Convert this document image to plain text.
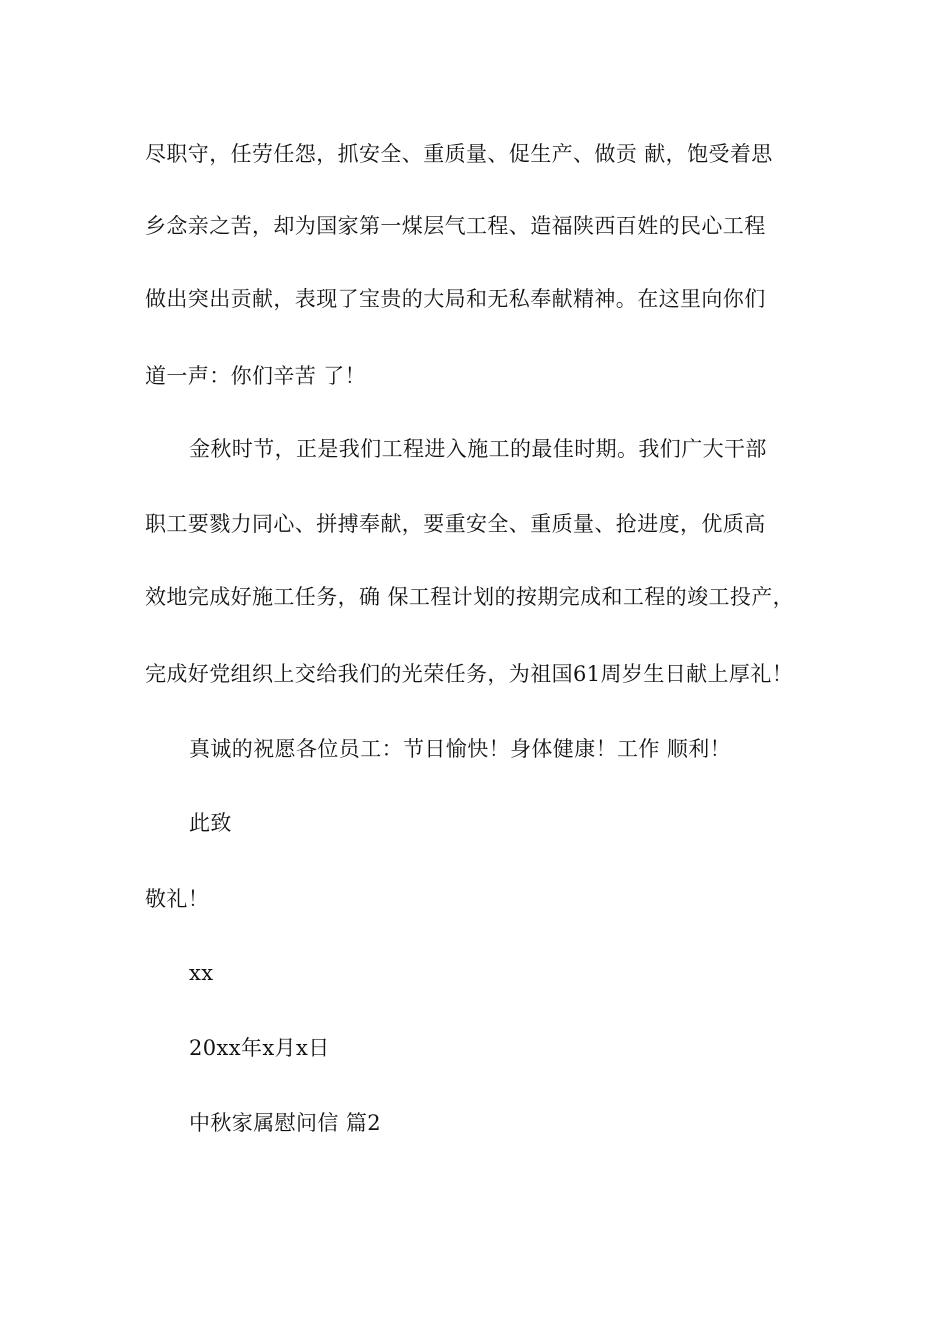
尽职守，任劳任怨，抓安全、重质量、促生产、做贡 献，饱受着思

乡念亲之苦，却为国家第一煤层气工程、造福陕西百姓的民心工程

做出突出贡献，表现了宝贵的大局和无私奉献精神。在这里向你们

道一声：你们辛苦 了！

金秋时节，正是我们工程进入施工的最佳时期。我们广大干部

职工要戮力同心、拼搏奉献，要重安全、重质量、抢进度，优质高

效地完成好施工任务，确 保工程计划的按期完成和工程的竣工投产，

完成好党组织上交给我们的光荣任务，为祖国61周岁生日献上厚礼！

真诚的祝愿各位员工：节日愉快！身体健康！工作 顺利！

此致

敬礼！

xx

20xx年x月x日

中秋家属慰问信 篇2
